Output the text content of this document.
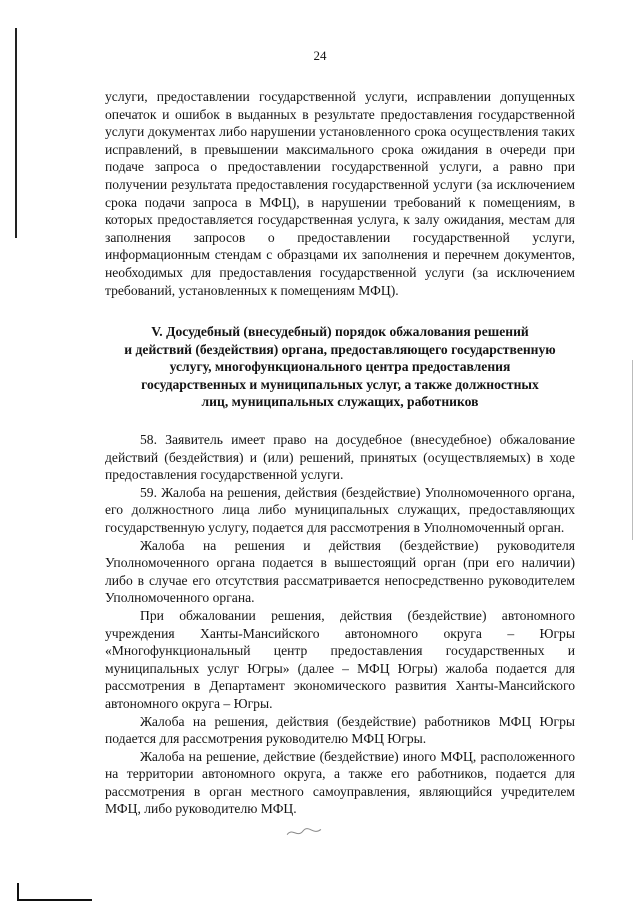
24

услуги, предоставлении государственной услуги, исправлении допущенных опечаток и ошибок в выданных в результате предоставления государственной услуги документах либо нарушении установленного срока осуществления таких исправлений, в превышении максимального срока ожидания в очереди при подаче запроса о предоставлении государственной услуги, а равно при получении результата предоставления государственной услуги (за исключением срока подачи запроса в МФЦ), в нарушении требований к помещениям, в которых предоставляется государственная услуга, к залу ожидания, местам для заполнения запросов о предоставлении государственной услуги, информационным стендам с образцами их заполнения и перечнем документов, необходимых для предоставления государственной услуги (за исключением требований, установленных к помещениям МФЦ).

V. Досудебный (внесудебный) порядок обжалования решений
и действий (бездействия) органа, предоставляющего государственную
услугу, многофункционального центра предоставления
государственных и муниципальных услуг, а также должностных
лиц, муниципальных служащих, работников

58. Заявитель имеет право на досудебное (внесудебное) обжалование действий (бездействия) и (или) решений, принятых (осуществляемых) в ходе предоставления государственной услуги.

59. Жалоба на решения, действия (бездействие) Уполномоченного органа, его должностного лица либо муниципальных служащих, предоставляющих государственную услугу, подается для рассмотрения в Уполномоченный орган.

Жалоба на решения и действия (бездействие) руководителя Уполномоченного органа подается в вышестоящий орган (при его наличии) либо в случае его отсутствия рассматривается непосредственно руководителем Уполномоченного органа.

При обжаловании решения, действия (бездействие) автономного учреждения Ханты-Мансийского автономного округа – Югры «Многофункциональный центр предоставления государственных и муниципальных услуг Югры» (далее – МФЦ Югры) жалоба подается для рассмотрения в Департамент экономического развития Ханты-Мансийского автономного округа – Югры.

Жалоба на решения, действия (бездействие) работников МФЦ Югры подается для рассмотрения руководителю МФЦ Югры.

Жалоба на решение, действие (бездействие) иного МФЦ, расположенного на территории автономного округа, а также его работников, подается для рассмотрения в орган местного самоуправления, являющийся учредителем МФЦ, либо руководителю МФЦ.
